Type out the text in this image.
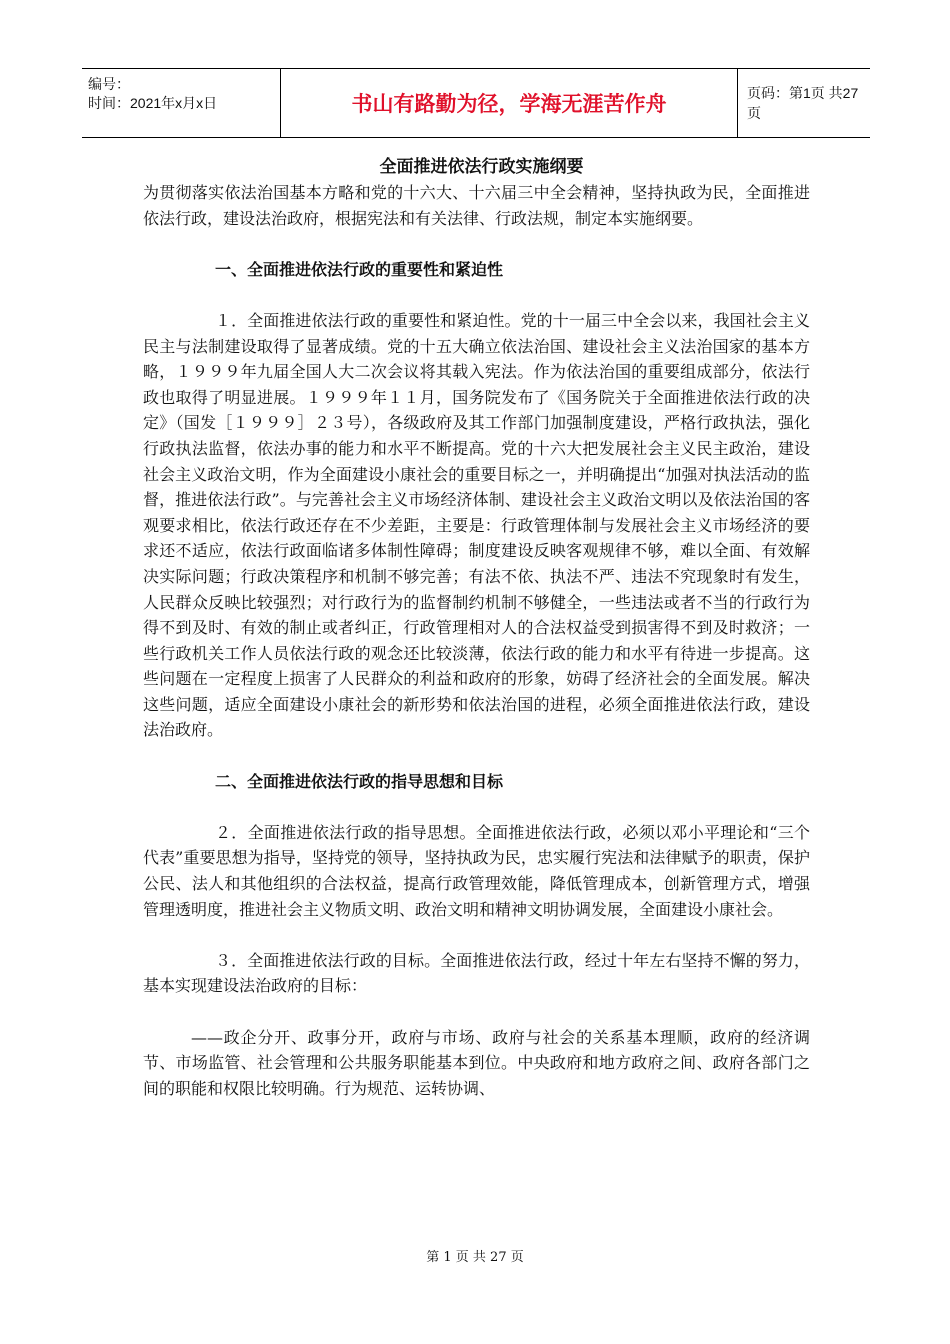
编号：
时间：2021年x月x日	书山有路勤为径，学海无涯苦作舟	页码：第1页 共27页
全面推进依法行政实施纲要

为贯彻落实依法治国基本方略和党的十六大、十六届三中全会精神，坚持执政为民，全面推进依法行政，建设法治政府，根据宪法和有关法律、行政法规，制定本实施纲要。

一、全面推进依法行政的重要性和紧迫性

１．全面推进依法行政的重要性和紧迫性。党的十一届三中全会以来，我国社会主义民主与法制建设取得了显著成绩。党的十五大确立依法治国、建设社会主义法治国家的基本方略，１９９９年九届全国人大二次会议将其载入宪法。作为依法治国的重要组成部分，依法行政也取得了明显进展。１９９９年１１月，国务院发布了《国务院关于全面推进依法行政的决定》（国发［１９９９］２３号），各级政府及其工作部门加强制度建设，严格行政执法，强化行政执法监督，依法办事的能力和水平不断提高。党的十六大把发展社会主义民主政治，建设社会主义政治文明，作为全面建设小康社会的重要目标之一，并明确提出“加强对执法活动的监督，推进依法行政”。与完善社会主义市场经济体制、建设社会主义政治文明以及依法治国的客观要求相比，依法行政还存在不少差距，主要是：行政管理体制与发展社会主义市场经济的要求还不适应，依法行政面临诸多体制性障碍；制度建设反映客观规律不够，难以全面、有效解决实际问题；行政决策程序和机制不够完善；有法不依、执法不严、违法不究现象时有发生，人民群众反映比较强烈；对行政行为的监督制约机制不够健全，一些违法或者不当的行政行为得不到及时、有效的制止或者纠正，行政管理相对人的合法权益受到损害得不到及时救济；一些行政机关工作人员依法行政的观念还比较淡薄，依法行政的能力和水平有待进一步提高。这些问题在一定程度上损害了人民群众的利益和政府的形象，妨碍了经济社会的全面发展。解决这些问题，适应全面建设小康社会的新形势和依法治国的进程，必须全面推进依法行政，建设法治政府。

二、全面推进依法行政的指导思想和目标

２．全面推进依法行政的指导思想。全面推进依法行政，必须以邓小平理论和“三个代表”重要思想为指导，坚持党的领导，坚持执政为民，忠实履行宪法和法律赋予的职责，保护公民、法人和其他组织的合法权益，提高行政管理效能，降低管理成本，创新管理方式，增强管理透明度，推进社会主义物质文明、政治文明和精神文明协调发展，全面建设小康社会。

３．全面推进依法行政的目标。全面推进依法行政，经过十年左右坚持不懈的努力，基本实现建设法治政府的目标：

——政企分开、政事分开，政府与市场、政府与社会的关系基本理顺，政府的经济调节、市场监管、社会管理和公共服务职能基本到位。中央政府和地方政府之间、政府各部门之间的职能和权限比较明确。行为规范、运转协调、

第 1 页 共 27 页
